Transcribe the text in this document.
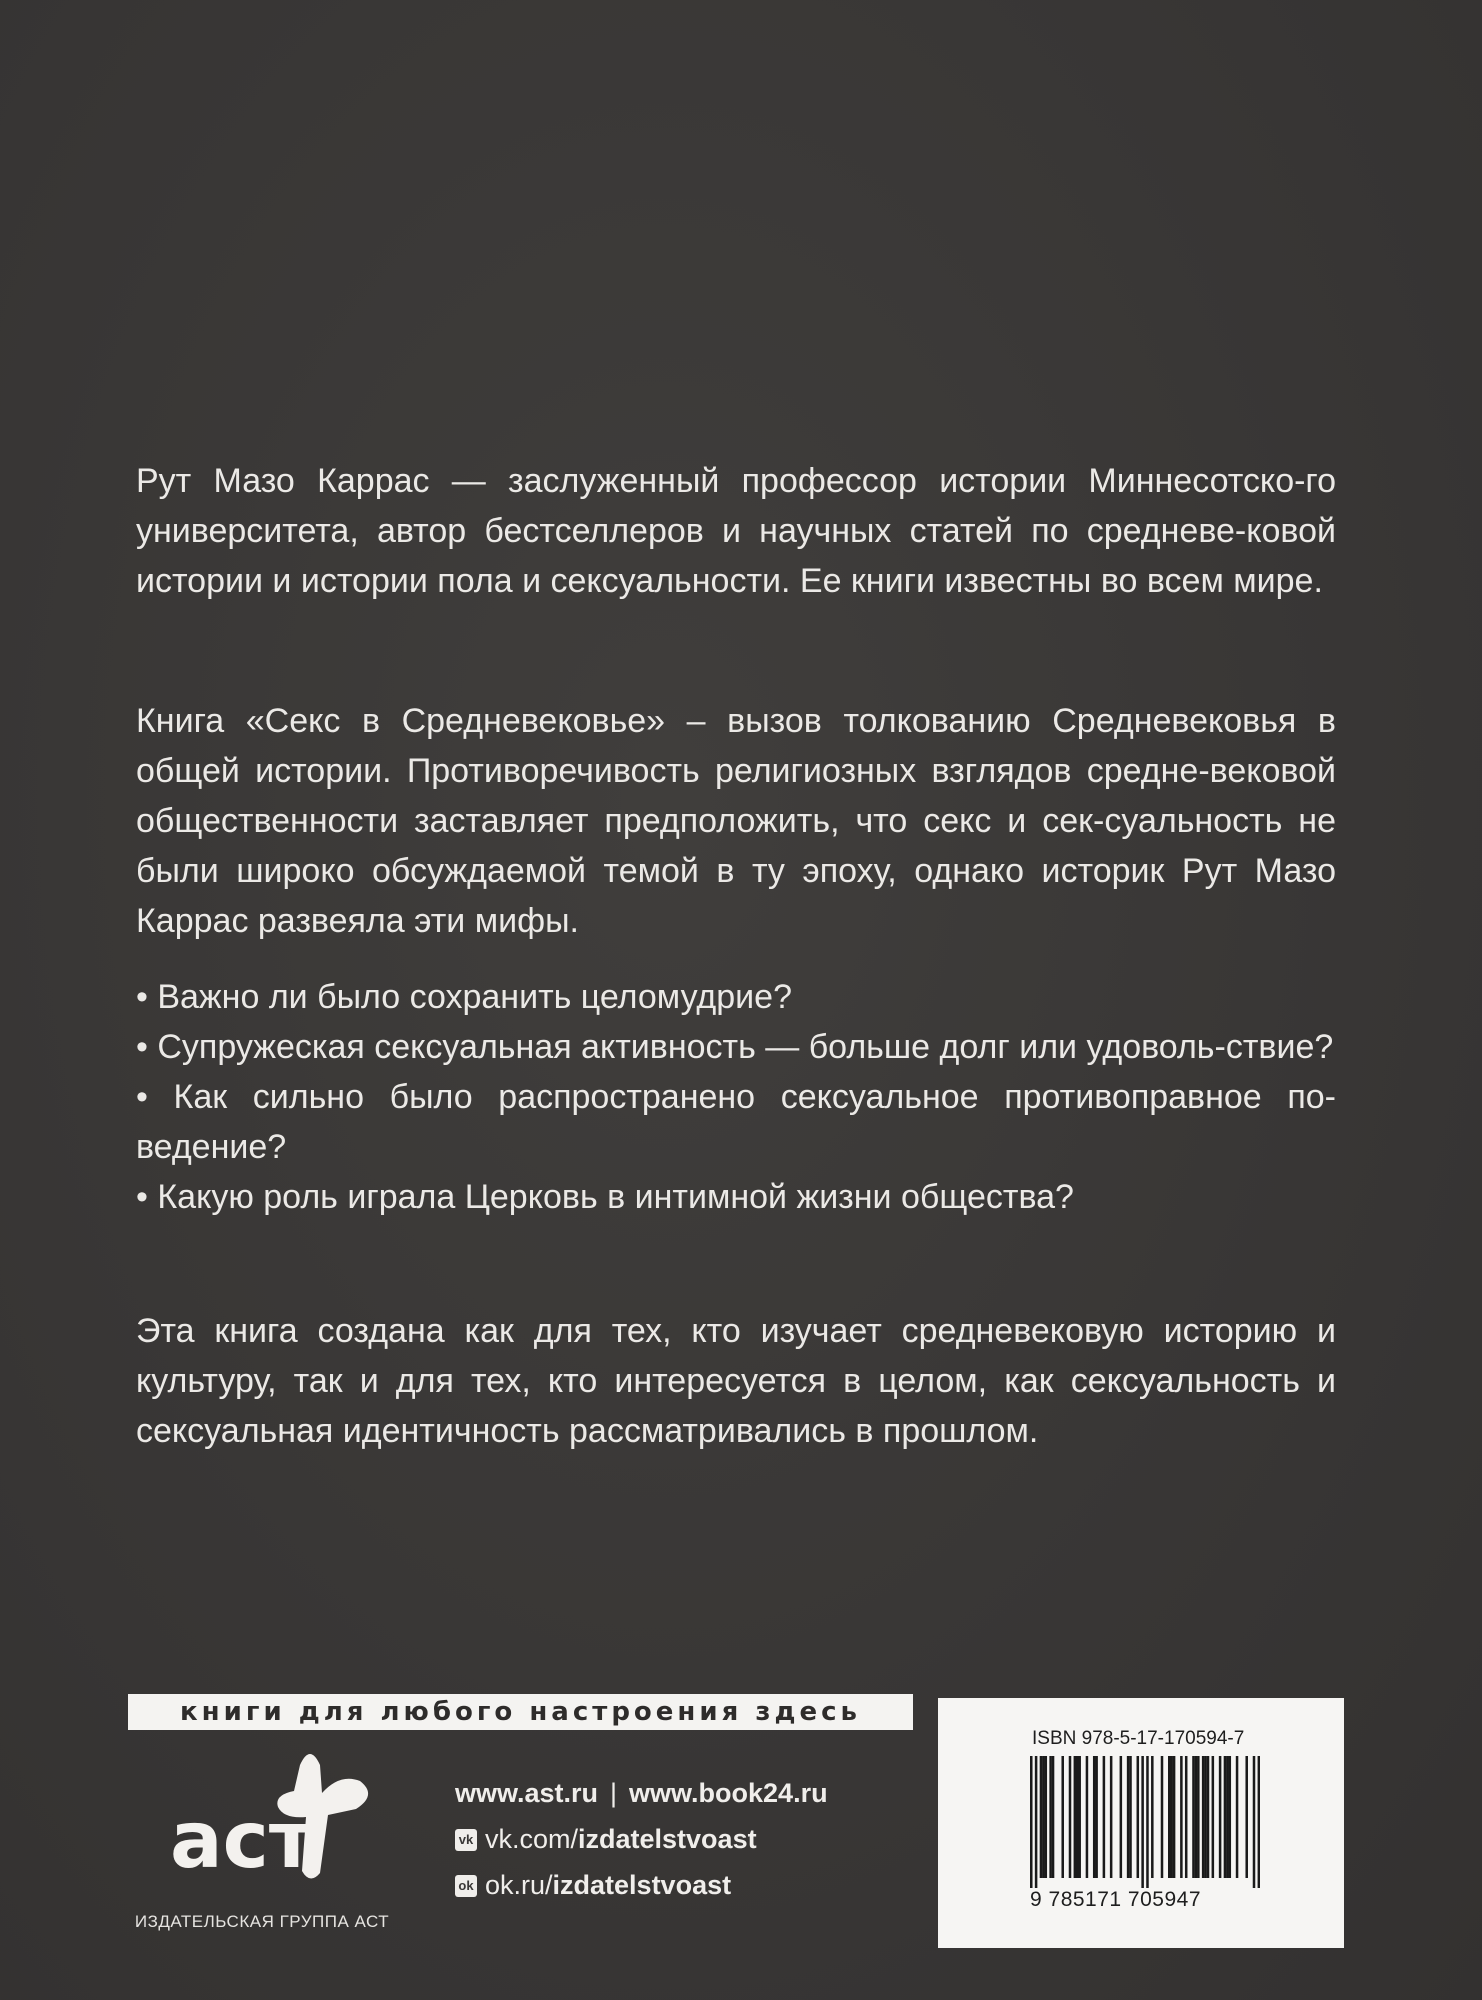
Рут Мазо Каррас — заслуженный профессор истории Миннесотско-го университета, автор бестселлеров и научных статей по средневе-ковой истории и истории пола и сексуальности. Ее книги известны во всем мире.
Книга «Секс в Средневековье» – вызов толкованию Средневековья в общей истории. Противоречивость религиозных взглядов средне-вековой общественности заставляет предположить, что секс и сек-суальность не были широко обсуждаемой темой в ту эпоху, однако историк Рут Мазо Каррас развеяла эти мифы.

• Важно ли было сохранить целомудрие?

• Супружеская сексуальная активность — больше долг или удоволь-ствие?

• Как сильно было распространено сексуальное противоправное по-ведение?

• Какую роль играла Церковь в интимной жизни общества?

Эта книга создана как для тех, кто изучает средневековую историю и культуру, так и для тех, кто интересуется в целом, как сексуальность и сексуальная идентичность рассматривались в прошлом.
книги для любого настроения здесь
аст
ИЗДАТЕЛЬСКАЯ ГРУППА АСТ
www.ast.ru | www.book24.ru
vk vk.com/izdatelstvoast
ok ok.ru/izdatelstvoast
ISBN 978-5-17-170594-7
9 785171 705947
